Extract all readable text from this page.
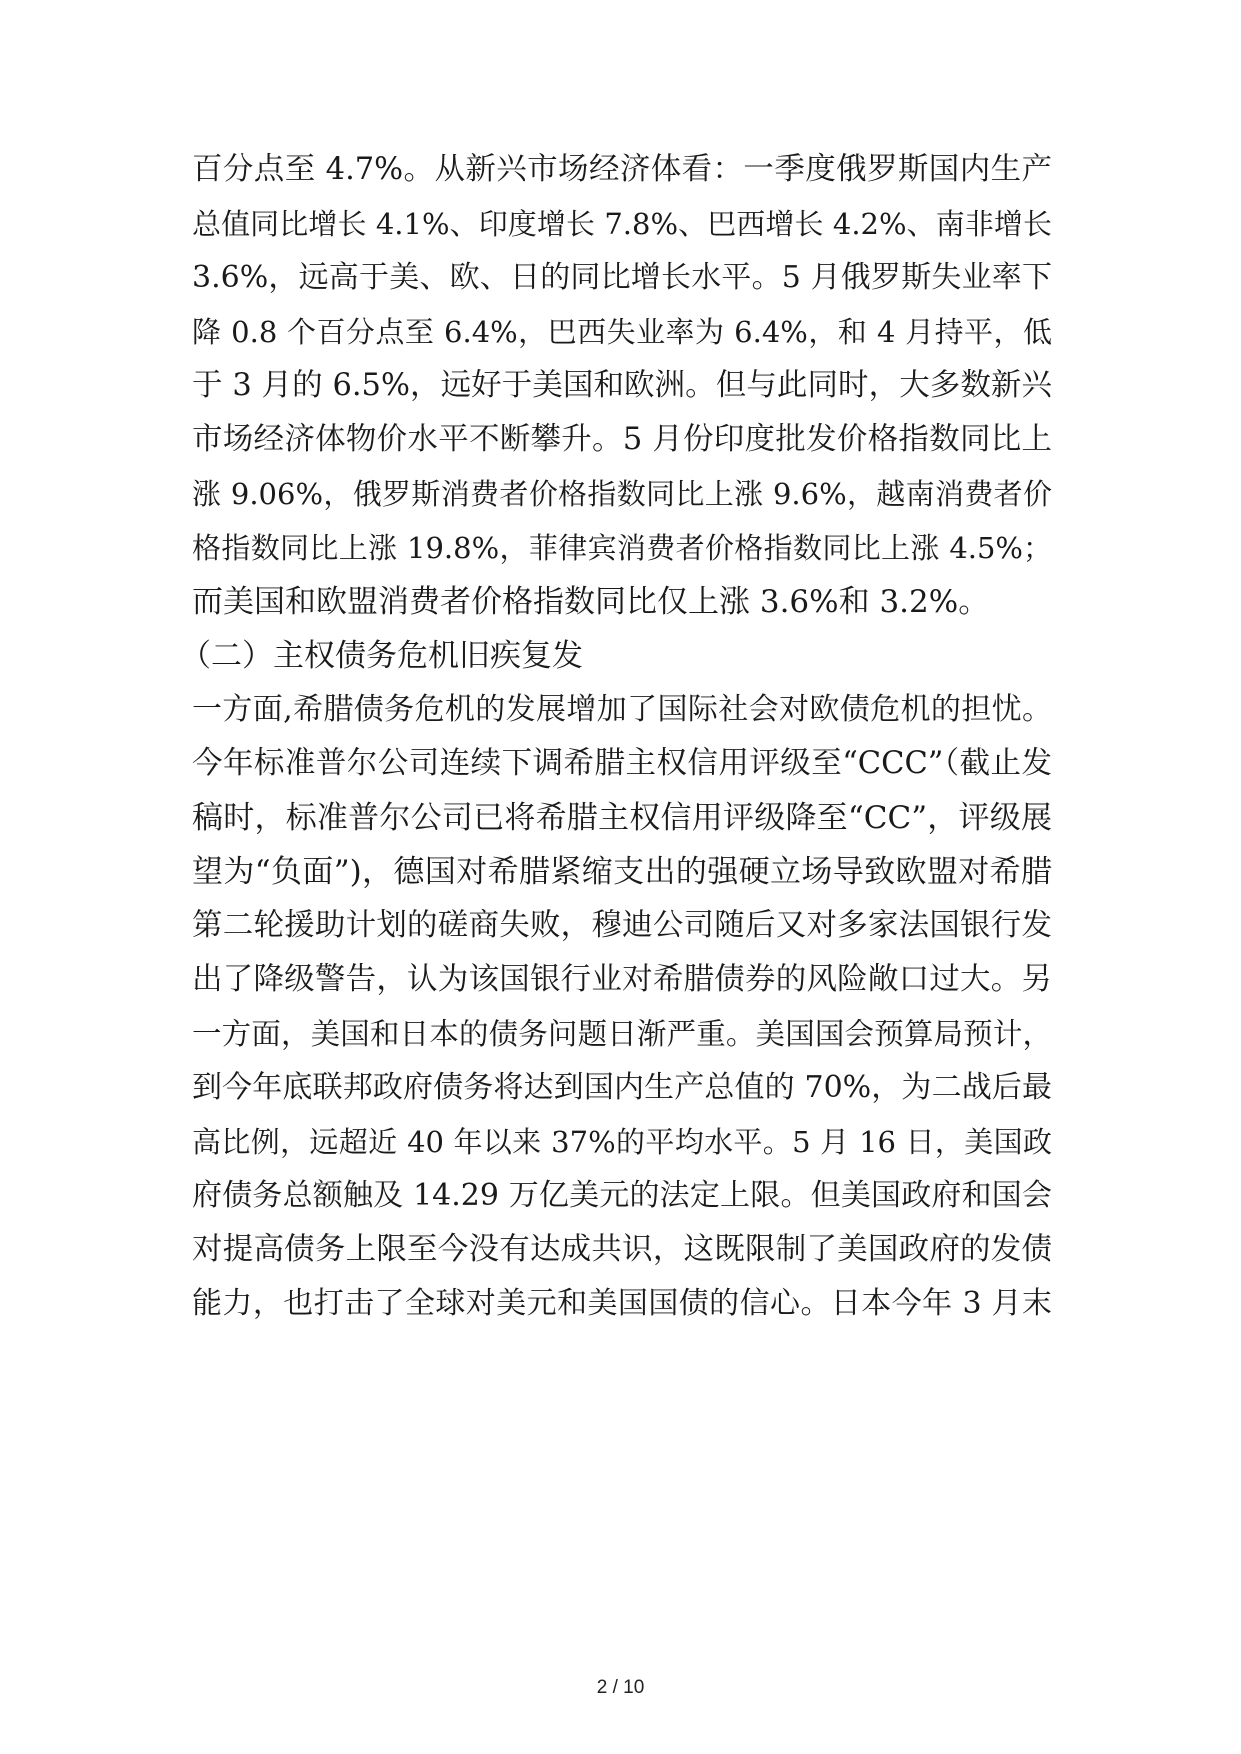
百分点至 4.7%。从新兴市场经济体看：一季度俄罗斯国内生产
总值同比增长 4.1%、印度增长 7.8%、巴西增长 4.2%、南非增长
3.6%，远高于美、欧、日的同比增长水平。5 月俄罗斯失业率下
降 0.8 个百分点至 6.4%，巴西失业率为 6.4%，和 4 月持平，低
于 3 月的 6.5%，远好于美国和欧洲。但与此同时，大多数新兴
市场经济体物价水平不断攀升。5 月份印度批发价格指数同比上
涨 9.06%，俄罗斯消费者价格指数同比上涨 9.6%，越南消费者价
格指数同比上涨 19.8%，菲律宾消费者价格指数同比上涨 4.5%；
而美国和欧盟消费者价格指数同比仅上涨 3.6%和 3.2%。
（二）主权债务危机旧疾复发
一方面,希腊债务危机的发展增加了国际社会对欧债危机的担忧。
今年标准普尔公司连续下调希腊主权信用评级至“CCC”（截止发
稿时，标准普尔公司已将希腊主权信用评级降至“CC”，评级展
望为“负面”)，德国对希腊紧缩支出的强硬立场导致欧盟对希腊
第二轮援助计划的磋商失败，穆迪公司随后又对多家法国银行发
出了降级警告，认为该国银行业对希腊债券的风险敞口过大。另
一方面，美国和日本的债务问题日渐严重。美国国会预算局预计，
到今年底联邦政府债务将达到国内生产总值的 70%，为二战后最
高比例，远超近 40 年以来 37%的平均水平。5 月 16 日，美国政
府债务总额触及 14.29 万亿美元的法定上限。但美国政府和国会
对提高债务上限至今没有达成共识，这既限制了美国政府的发债
能力，也打击了全球对美元和美国国债的信心。日本今年 3 月末
2 / 10
